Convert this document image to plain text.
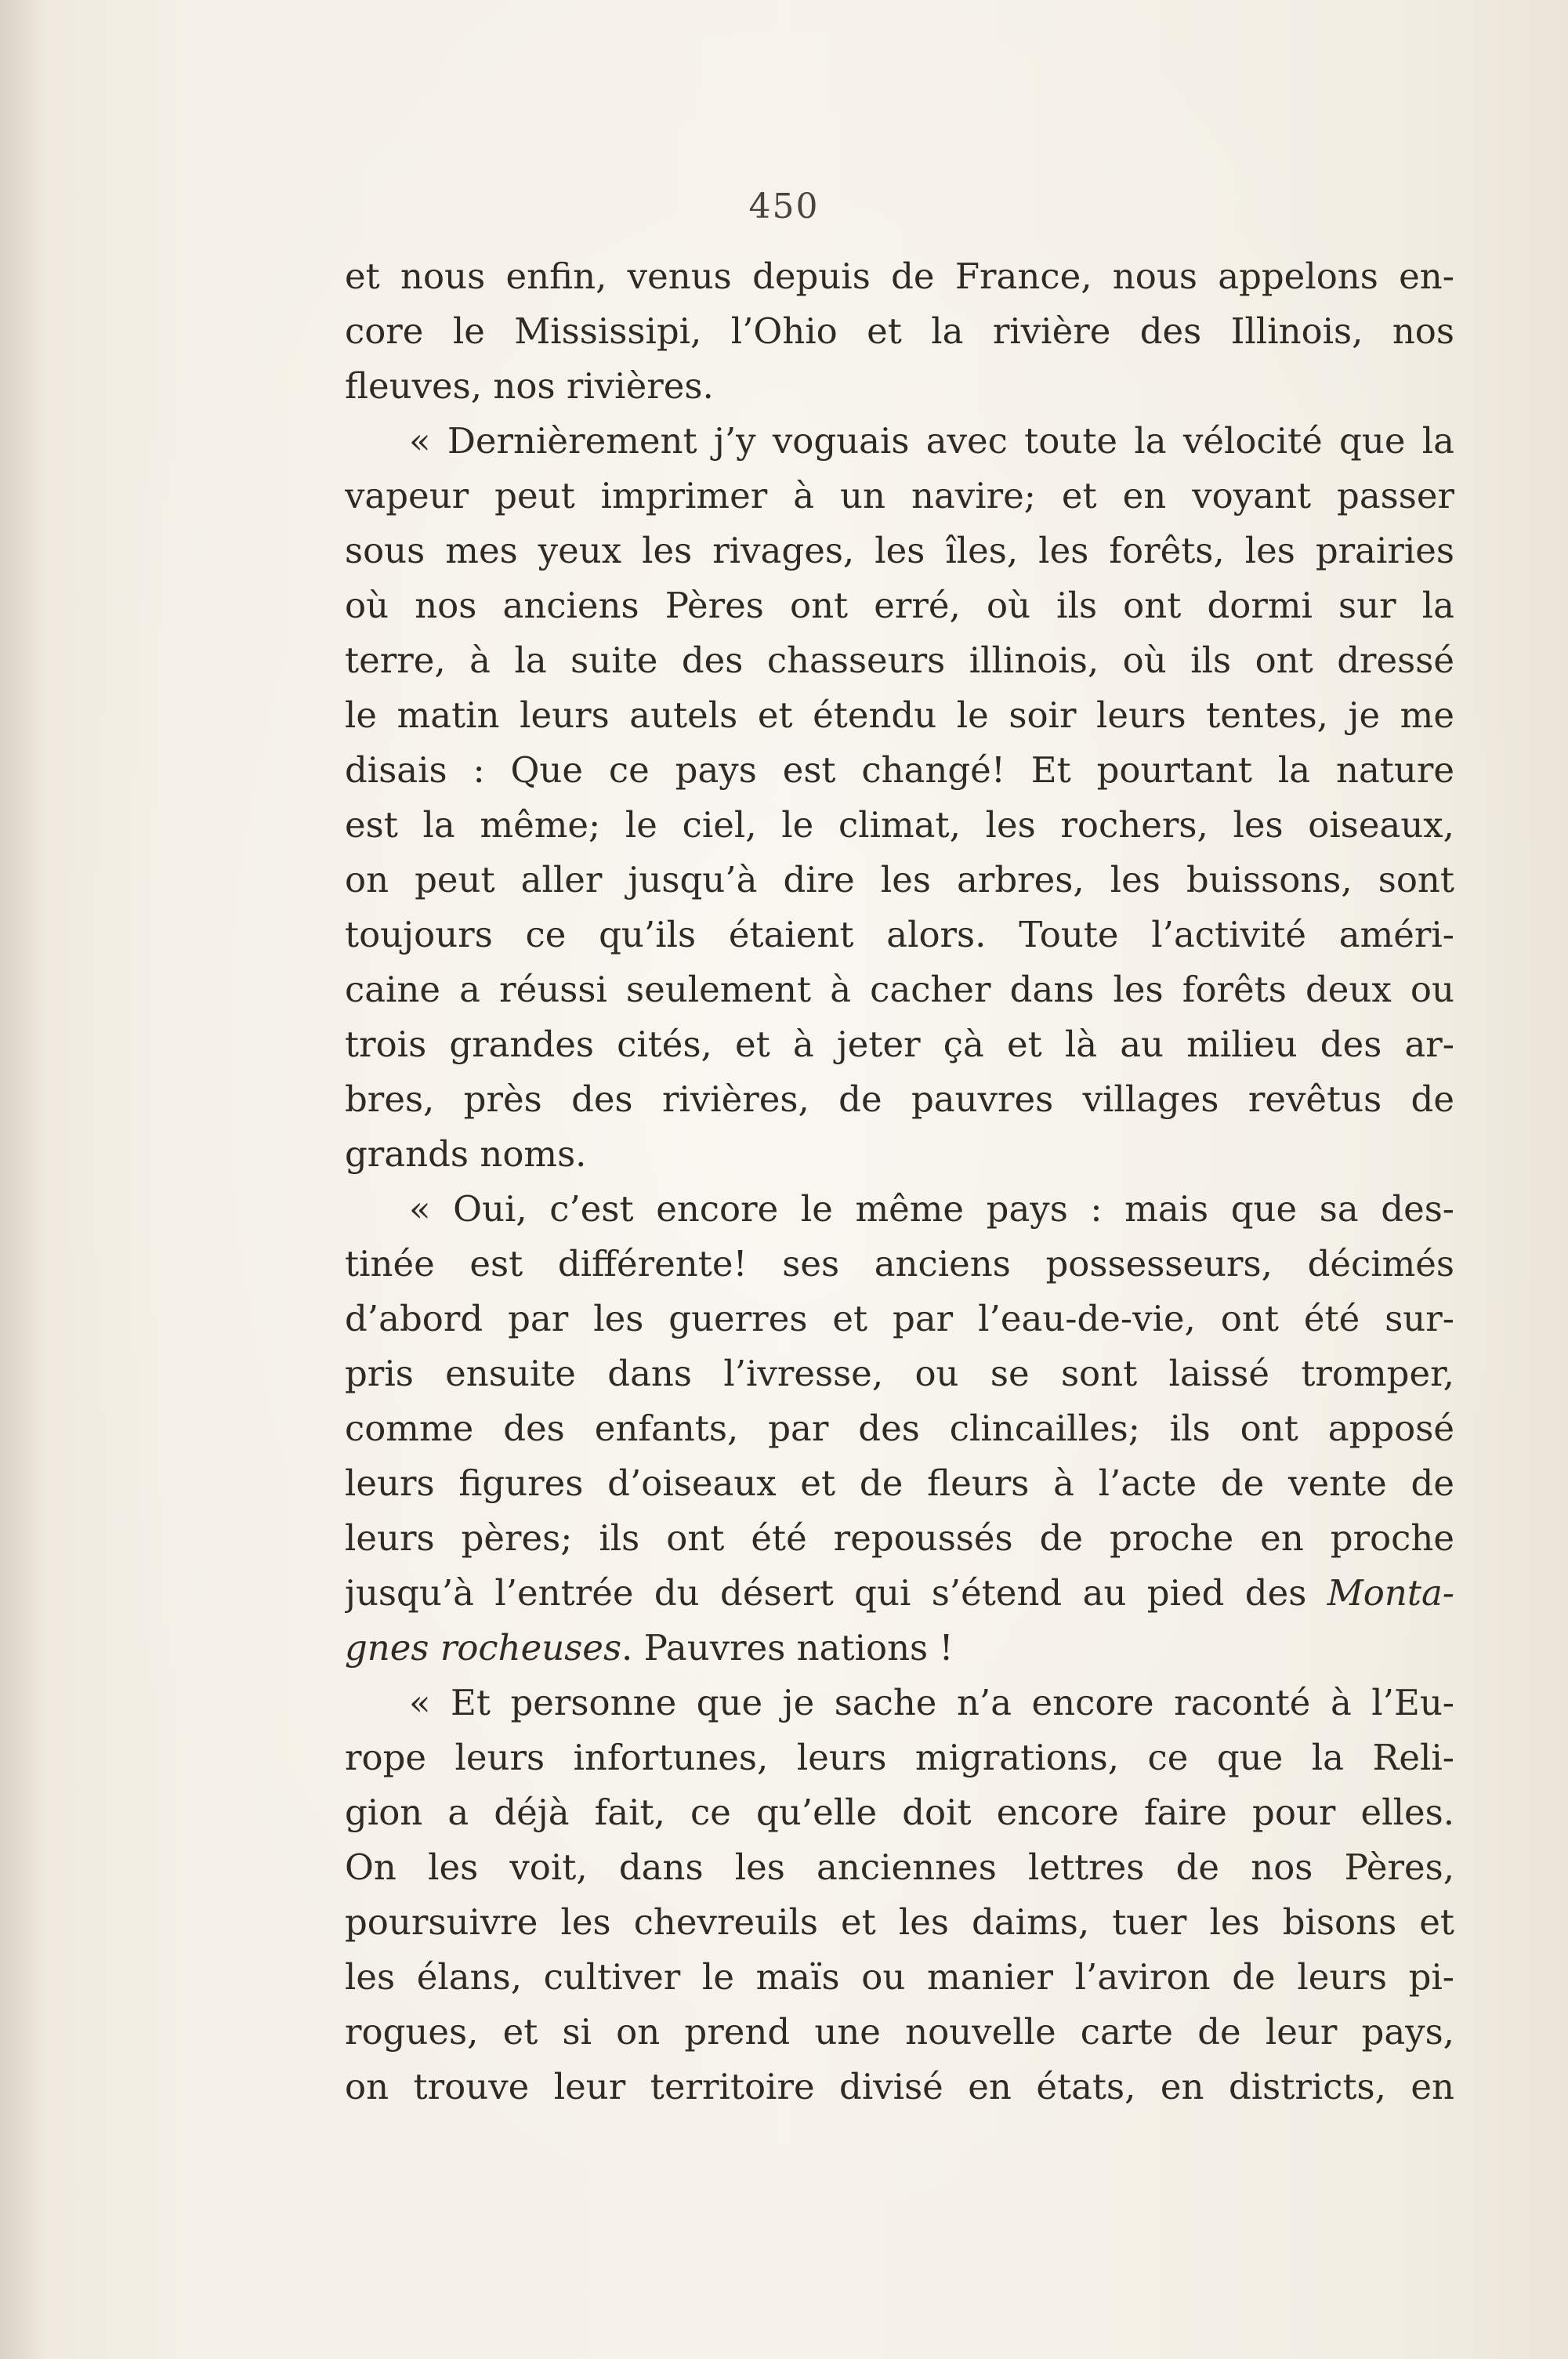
450
et nous enfin, venus depuis de France, nous appelons en-
core le Mississipi, l’Ohio et la rivière des Illinois, nos
fleuves, nos rivières.
« Dernièrement j’y voguais avec toute la vélocité que la
vapeur peut imprimer à un navire; et en voyant passer
sous mes yeux les rivages, les îles, les forêts, les prairies
où nos anciens Pères ont erré, où ils ont dormi sur la
terre, à la suite des chasseurs illinois, où ils ont dressé
le matin leurs autels et étendu le soir leurs tentes, je me
disais : Que ce pays est changé! Et pourtant la nature
est la même; le ciel, le climat, les rochers, les oiseaux,
on peut aller jusqu’à dire les arbres, les buissons, sont
toujours ce qu’ils étaient alors. Toute l’activité améri-
caine a réussi seulement à cacher dans les forêts deux ou
trois grandes cités, et à jeter çà et là au milieu des ar-
bres, près des rivières, de pauvres villages revêtus de
grands noms.
« Oui, c’est encore le même pays : mais que sa des-
tinée est différente! ses anciens possesseurs, décimés
d’abord par les guerres et par l’eau-de-vie, ont été sur-
pris ensuite dans l’ivresse, ou se sont laissé tromper,
comme des enfants, par des clincailles; ils ont apposé
leurs figures d’oiseaux et de fleurs à l’acte de vente de
leurs pères; ils ont été repoussés de proche en proche
jusqu’à l’entrée du désert qui s’étend au pied des Monta-
gnes rocheuses. Pauvres nations !
« Et personne que je sache n’a encore raconté à l’Eu-
rope leurs infortunes, leurs migrations, ce que la Reli-
gion a déjà fait, ce qu’elle doit encore faire pour elles.
On les voit, dans les anciennes lettres de nos Pères,
poursuivre les chevreuils et les daims, tuer les bisons et
les élans, cultiver le maïs ou manier l’aviron de leurs pi-
rogues, et si on prend une nouvelle carte de leur pays,
on trouve leur territoire divisé en états, en districts, en
